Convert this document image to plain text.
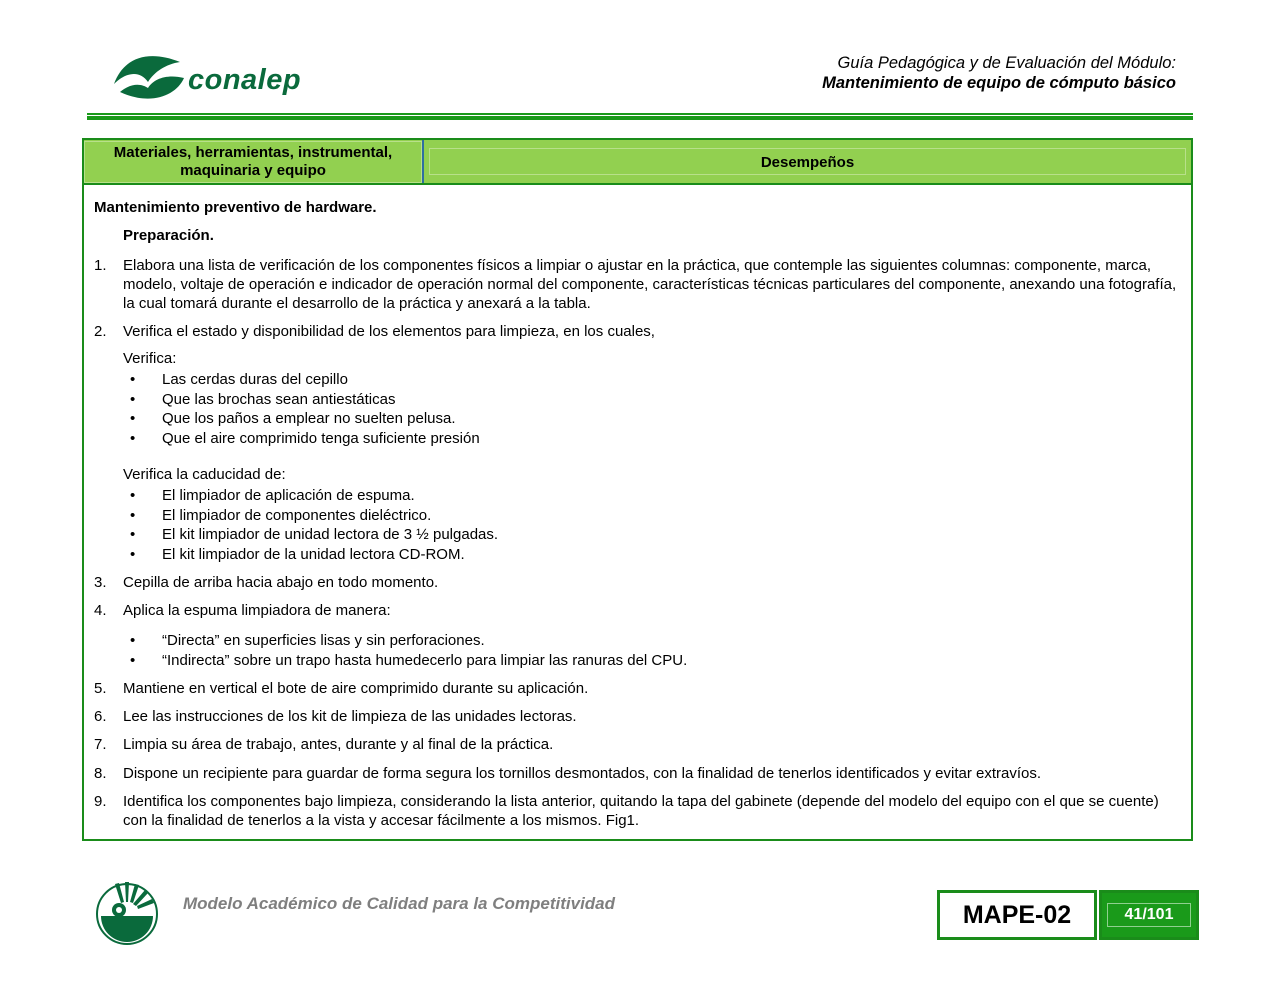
conalep
Guía Pedagógica y de Evaluación del Módulo:
Mantenimiento de equipo de cómputo básico
Materiales, herramientas, instrumental, maquinaria y equipo	Desempeños
Mantenimiento preventivo de hardware.
Preparación.
1. Elabora una lista de verificación de los componentes físicos a limpiar o ajustar en la práctica, que contemple las siguientes columnas: componente, marca, modelo, voltaje de operación e indicador de operación normal del componente, características técnicas particulares del componente, anexando una fotografía, la cual tomará durante el desarrollo de la práctica y anexará a la tabla.
2. Verifica el estado y disponibilidad de los elementos para limpieza, en los cuales,
Verifica:
• Las cerdas duras del cepillo
• Que las brochas sean antiestáticas
• Que los paños a emplear no suelten pelusa.
• Que el aire comprimido tenga suficiente presión
Verifica la caducidad de:
• El limpiador de aplicación de espuma.
• El limpiador de componentes dieléctrico.
• El kit limpiador de unidad lectora de 3 ½ pulgadas.
• El kit limpiador de la unidad lectora CD-ROM.
3. Cepilla de arriba hacia abajo en todo momento.
4. Aplica la espuma limpiadora de manera:
• “Directa” en superficies lisas y sin perforaciones.
• “Indirecta” sobre un trapo hasta humedecerlo para limpiar las ranuras del CPU.
5. Mantiene en vertical el bote de aire comprimido durante su aplicación.
6. Lee las instrucciones de los kit de limpieza de las unidades lectoras.
7. Limpia su área de trabajo, antes, durante y al final de la práctica.
8. Dispone un recipiente para guardar de forma segura los tornillos desmontados, con la finalidad de tenerlos identificados y evitar extravíos.
9. Identifica los componentes bajo limpieza, considerando la lista anterior, quitando la tapa del gabinete (depende del modelo del equipo con el que se cuente) con la finalidad de tenerlos a la vista y accesar fácilmente a los mismos. Fig1.
Modelo Académico de Calidad para la Competitividad	MAPE-02	41/101
